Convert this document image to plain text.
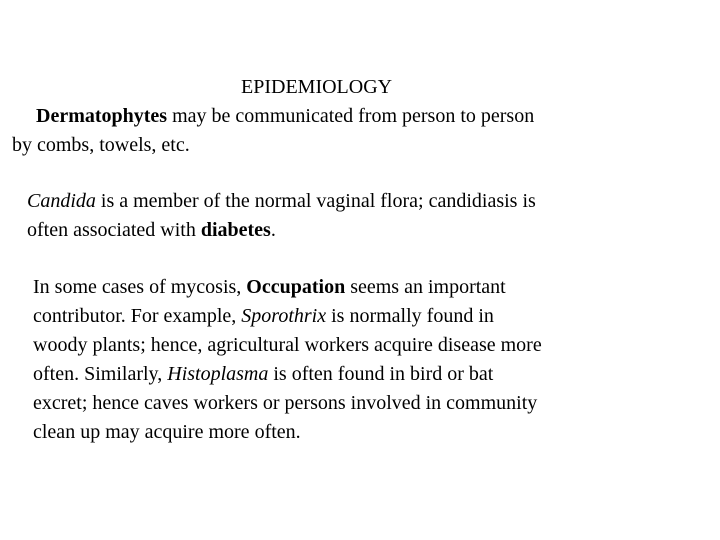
EPIDEMIOLOGY

Dermatophytes may be communicated from person to person
by combs, towels, etc.

Candida is a member of the normal vaginal flora; candidiasis is
often associated with diabetes.

In some cases of mycosis, Occupation seems an important
contributor. For example, Sporothrix is normally found in
woody plants; hence, agricultural workers acquire disease more
often. Similarly, Histoplasma is often found in bird or bat
excret; hence caves workers or persons involved in community
clean up may acquire more often.
